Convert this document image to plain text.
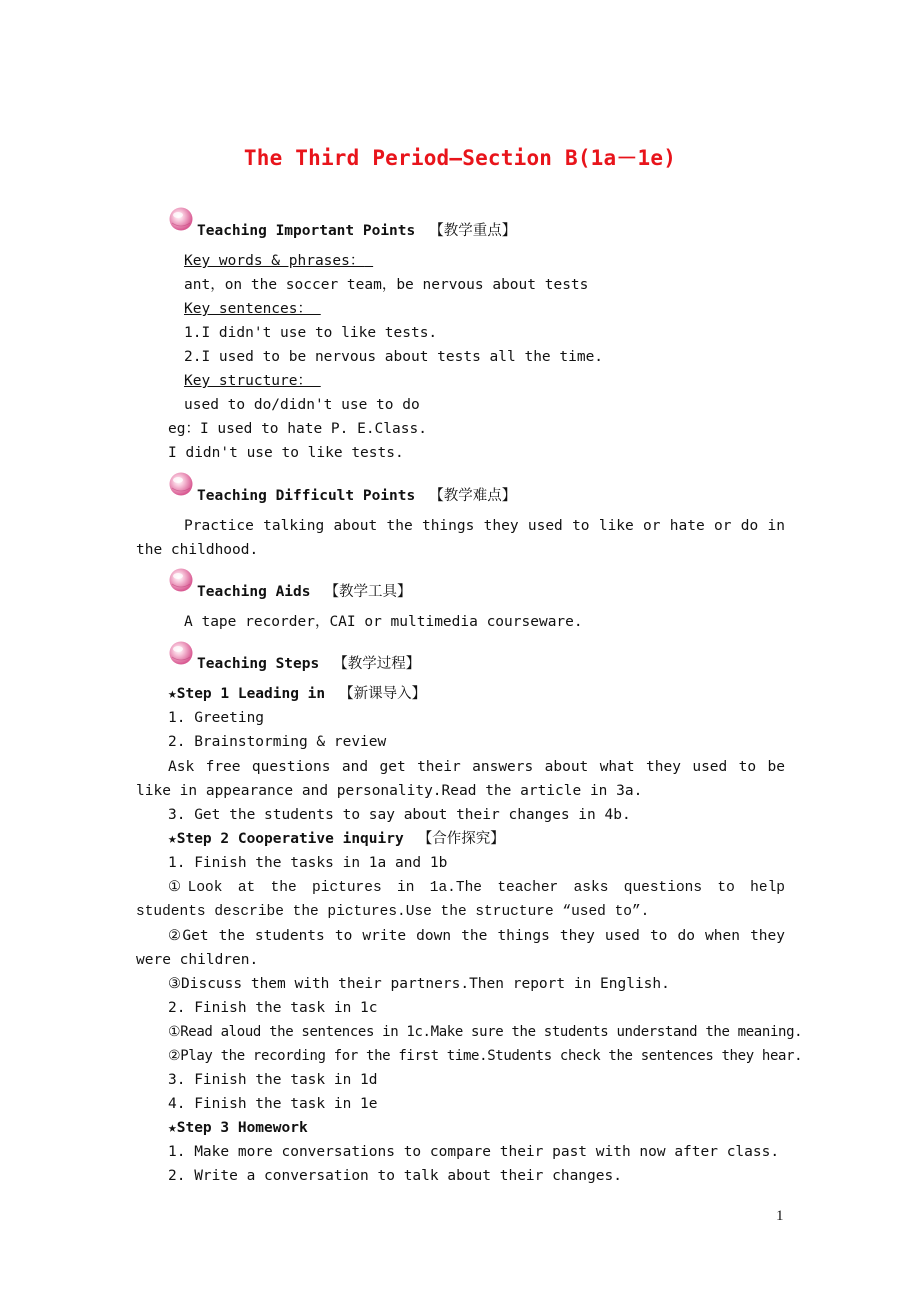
The Third Period—Section B(1a－1e)
Teaching Important Points 【教学重点】
Key words & phrases：
ant，on the soccer team，be nervous about tests
Key sentences：
1.I didn't use to like tests.
2.I used to be nervous about tests all the time.
Key structure：
used to do/didn't use to do
eg：I used to hate P. E.Class.
I didn't use to like tests.
Teaching Difficult Points 【教学难点】
Practice talking about the things they used to like or hate or do in the childhood.
Teaching Aids 【教学工具】
A tape recorder，CAI or multimedia courseware.
Teaching Steps 【教学过程】
★Step 1 Leading in 【新课导入】
1. Greeting
2. Brainstorming & review
Ask free questions and get their answers about what they used to be like in appearance and personality.Read the article in 3a.
3. Get the students to say about their changes in 4b.
★Step 2 Cooperative inquiry 【合作探究】
1. Finish the tasks in 1a and 1b
①Look at the pictures in 1a.The teacher asks questions to help students describe the pictures.Use the structure “used to”.
②Get the students to write down the things they used to do when they were children.
③Discuss them with their partners.Then report in English.
2. Finish the task in 1c
①Read aloud the sentences in 1c.Make sure the students understand the meaning.
②Play the recording for the first time.Students check the sentences they hear.
3. Finish the task in 1d
4. Finish the task in 1e
★Step 3 Homework
1. Make more conversations to compare their past with now after class.
2. Write a conversation to talk about their changes.
1
